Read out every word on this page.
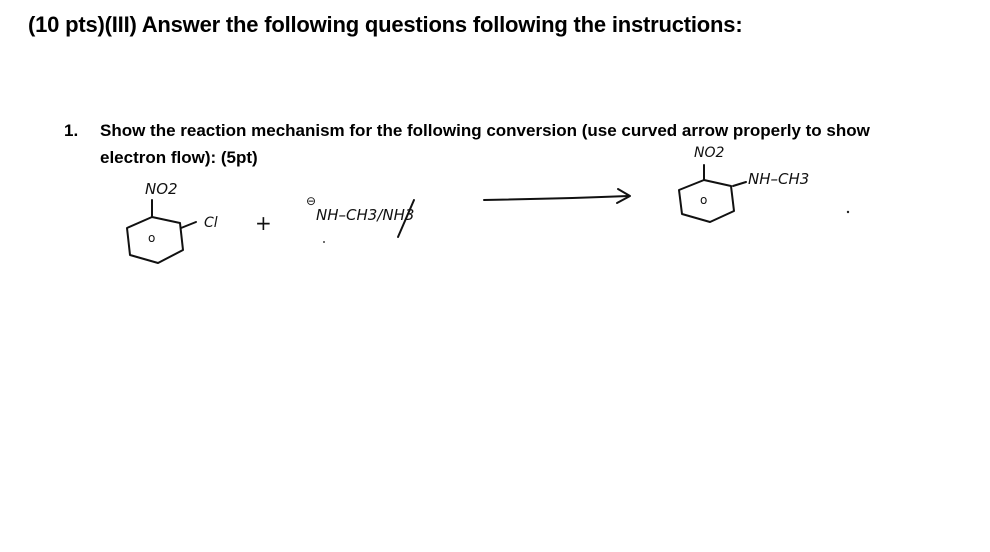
(10 pts)(III) Answer the following questions following the instructions:
1. Show the reaction mechanism for the following conversion (use curved arrow properly to show
electron flow): (5pt)
NO2
o
Cl +
⊖
NH–CH3/NH3
NO2
o
NH–CH3
